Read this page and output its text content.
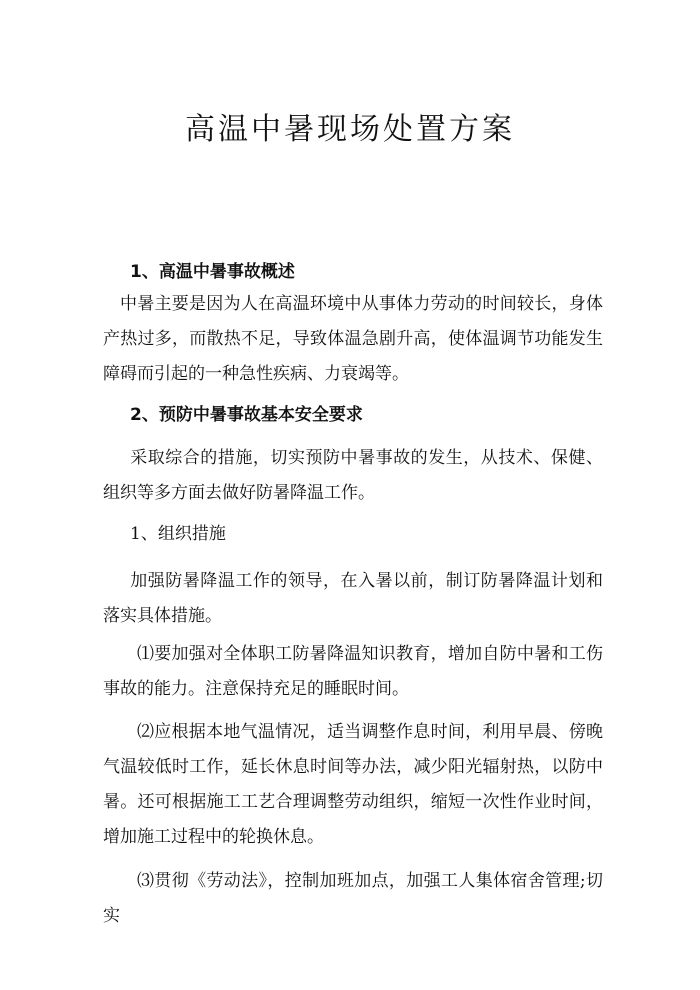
高温中暑现场处置方案
1、高温中暑事故概述

中暑主要是因为人在高温环境中从事体力劳动的时间较长，身体产热过多，而散热不足，导致体温急剧升高，使体温调节功能发生障碍而引起的一种急性疾病、力衰竭等。

2、预防中暑事故基本安全要求

采取综合的措施，切实预防中暑事故的发生，从技术、保健、组织等多方面去做好防暑降温工作。

1、组织措施

加强防暑降温工作的领导，在入暑以前，制订防暑降温计划和落实具体措施。

⑴要加强对全体职工防暑降温知识教育，增加自防中暑和工伤事故的能力。注意保持充足的睡眠时间。

⑵应根据本地气温情况，适当调整作息时间，利用早晨、傍晚气温较低时工作，延长休息时间等办法，减少阳光辐射热，以防中暑。还可根据施工工艺合理调整劳动组织，缩短一次性作业时间，增加施工过程中的轮换休息。

⑶贯彻《劳动法》，控制加班加点，加强工人集体宿舍管理;切实
